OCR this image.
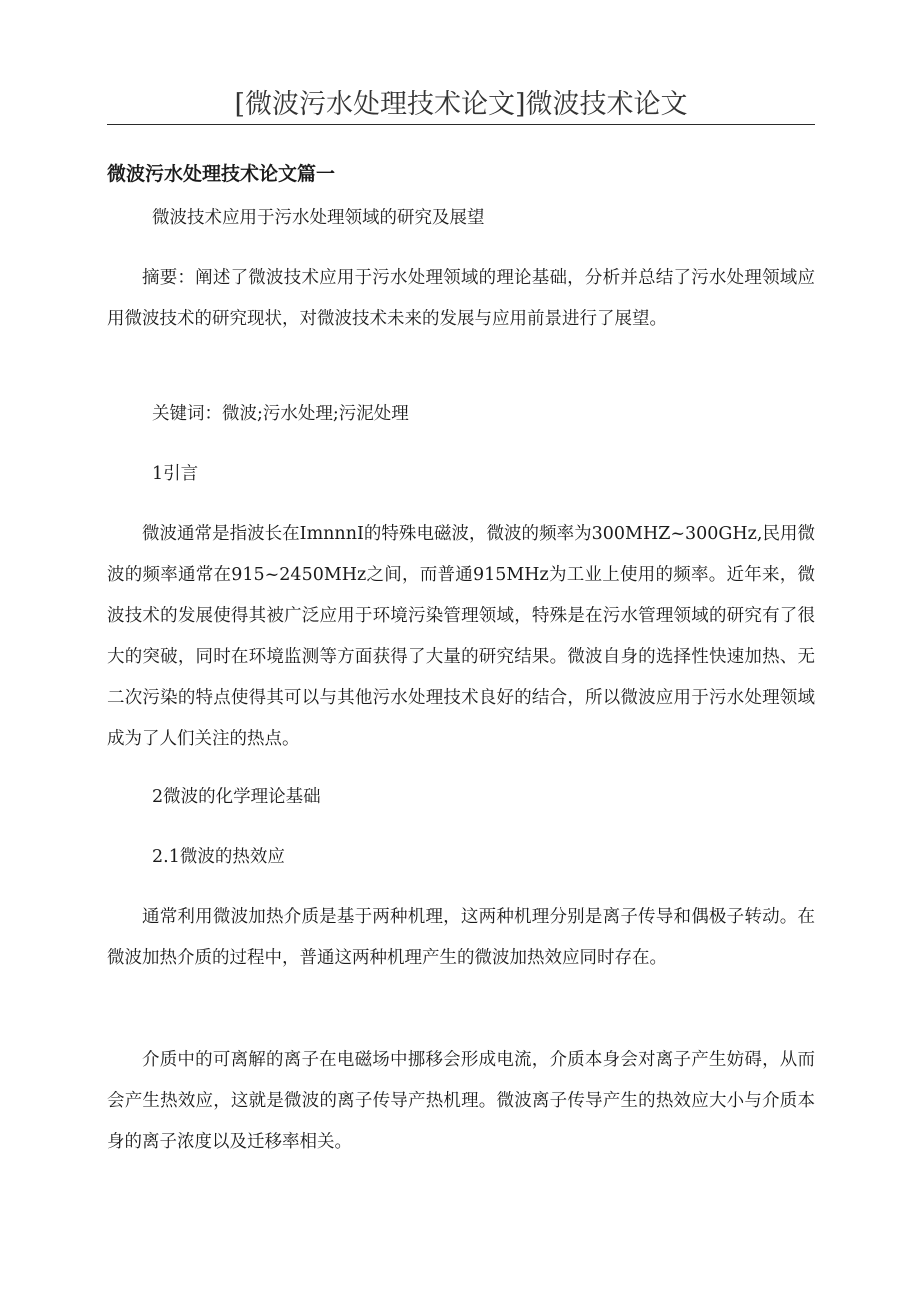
[微波污水处理技术论文]微波技术论文
微波污水处理技术论文篇一

微波技术应用于污水处理领域的研究及展望

摘要：阐述了微波技术应用于污水处理领域的理论基础，分析并总结了污水处理领域应用微波技术的研究现状，对微波技术未来的发展与应用前景进行了展望。

关键词：微波;污水处理;污泥处理

1引言

微波通常是指波长在ImnnnI的特殊电磁波，微波的频率为300MHZ~300GHz,民用微波的频率通常在915~2450MHz之间，而普通915MHz为工业上使用的频率。近年来，微波技术的发展使得其被广泛应用于环境污染管理领域，特殊是在污水管理领域的研究有了很大的突破，同时在环境监测等方面获得了大量的研究结果。微波自身的选择性快速加热、无二次污染的特点使得其可以与其他污水处理技术良好的结合，所以微波应用于污水处理领域成为了人们关注的热点。

2微波的化学理论基础

2.1微波的热效应

通常利用微波加热介质是基于两种机理，这两种机理分别是离子传导和偶极子转动。在微波加热介质的过程中，普通这两种机理产生的微波加热效应同时存在。

介质中的可离解的离子在电磁场中挪移会形成电流，介质本身会对离子产生妨碍，从而会产生热效应，这就是微波的离子传导产热机理。微波离子传导产生的热效应大小与介质本身的离子浓度以及迁移率相关。
